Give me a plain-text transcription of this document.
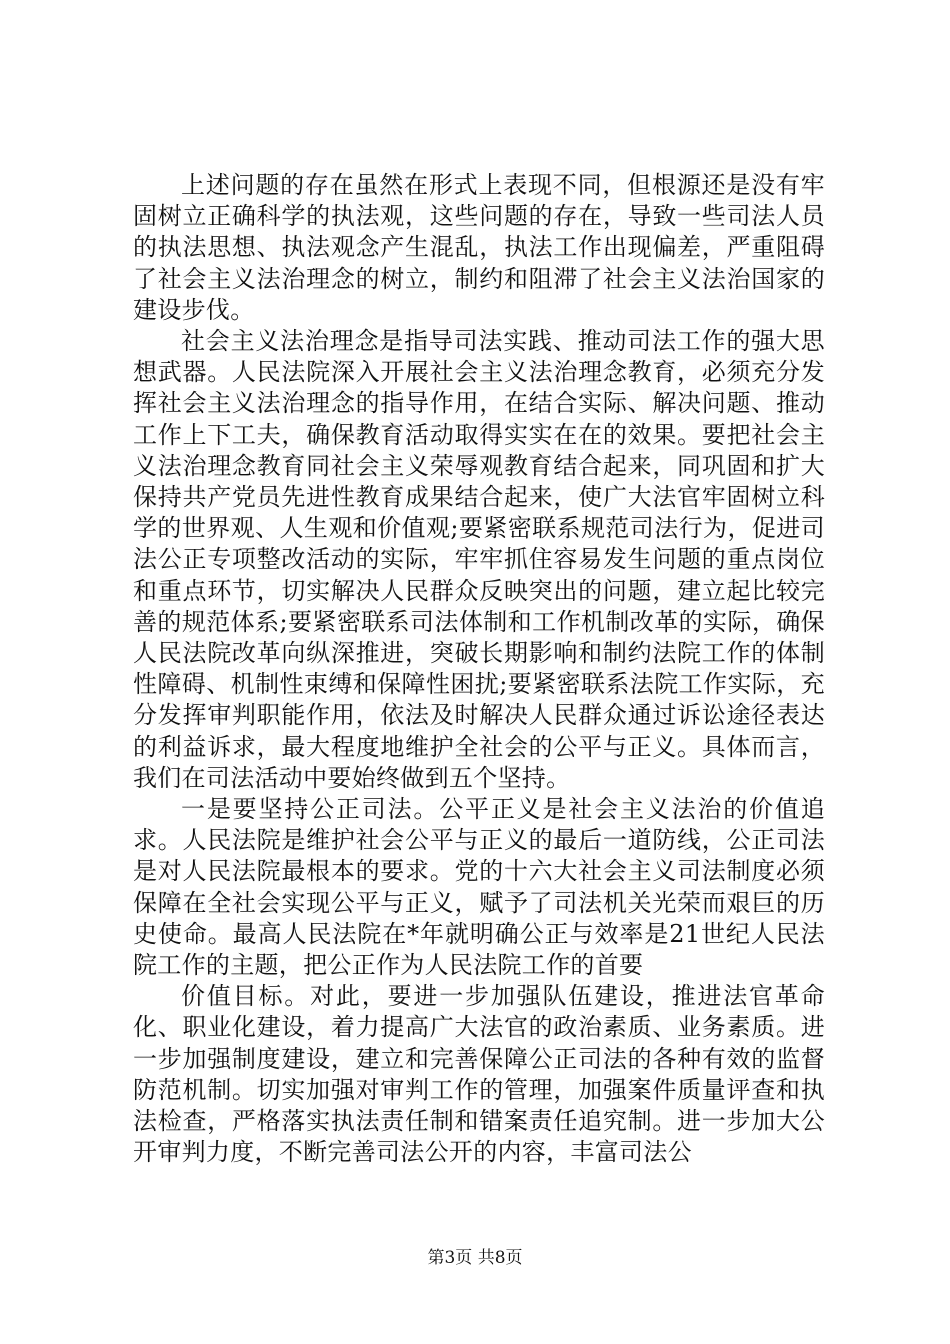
上述问题的存在虽然在形式上表现不同，但根源还是没有牢固树立正确科学的执法观，这些问题的存在，导致一些司法人员的执法思想、执法观念产生混乱，执法工作出现偏差，严重阻碍了社会主义法治理念的树立，制约和阻滞了社会主义法治国家的建设步伐。

社会主义法治理念是指导司法实践、推动司法工作的强大思想武器。人民法院深入开展社会主义法治理念教育，必须充分发挥社会主义法治理念的指导作用，在结合实际、解决问题、推动工作上下工夫，确保教育活动取得实实在在的效果。要把社会主义法治理念教育同社会主义荣辱观教育结合起来，同巩固和扩大保持共产党员先进性教育成果结合起来，使广大法官牢固树立科学的世界观、人生观和价值观;要紧密联系规范司法行为，促进司法公正专项整改活动的实际，牢牢抓住容易发生问题的重点岗位和重点环节，切实解决人民群众反映突出的问题，建立起比较完善的规范体系;要紧密联系司法体制和工作机制改革的实际，确保人民法院改革向纵深推进，突破长期影响和制约法院工作的体制性障碍、机制性束缚和保障性困扰;要紧密联系法院工作实际，充分发挥审判职能作用，依法及时解决人民群众通过诉讼途径表达的利益诉求，最大程度地维护全社会的公平与正义。具体而言，我们在司法活动中要始终做到五个坚持。

一是要坚持公正司法。公平正义是社会主义法治的价值追求。人民法院是维护社会公平与正义的最后一道防线，公正司法是对人民法院最根本的要求。党的十六大社会主义司法制度必须保障在全社会实现公平与正义，赋予了司法机关光荣而艰巨的历史使命。最高人民法院在*年就明确公正与效率是21世纪人民法院工作的主题，把公正作为人民法院工作的首要

价值目标。对此，要进一步加强队伍建设，推进法官革命化、职业化建设，着力提高广大法官的政治素质、业务素质。进一步加强制度建设，建立和完善保障公正司法的各种有效的监督防范机制。切实加强对审判工作的管理，加强案件质量评查和执法检查，严格落实执法责任制和错案责任追究制。进一步加大公开审判力度，不断完善司法公开的内容，丰富司法公

第3页 共8页
